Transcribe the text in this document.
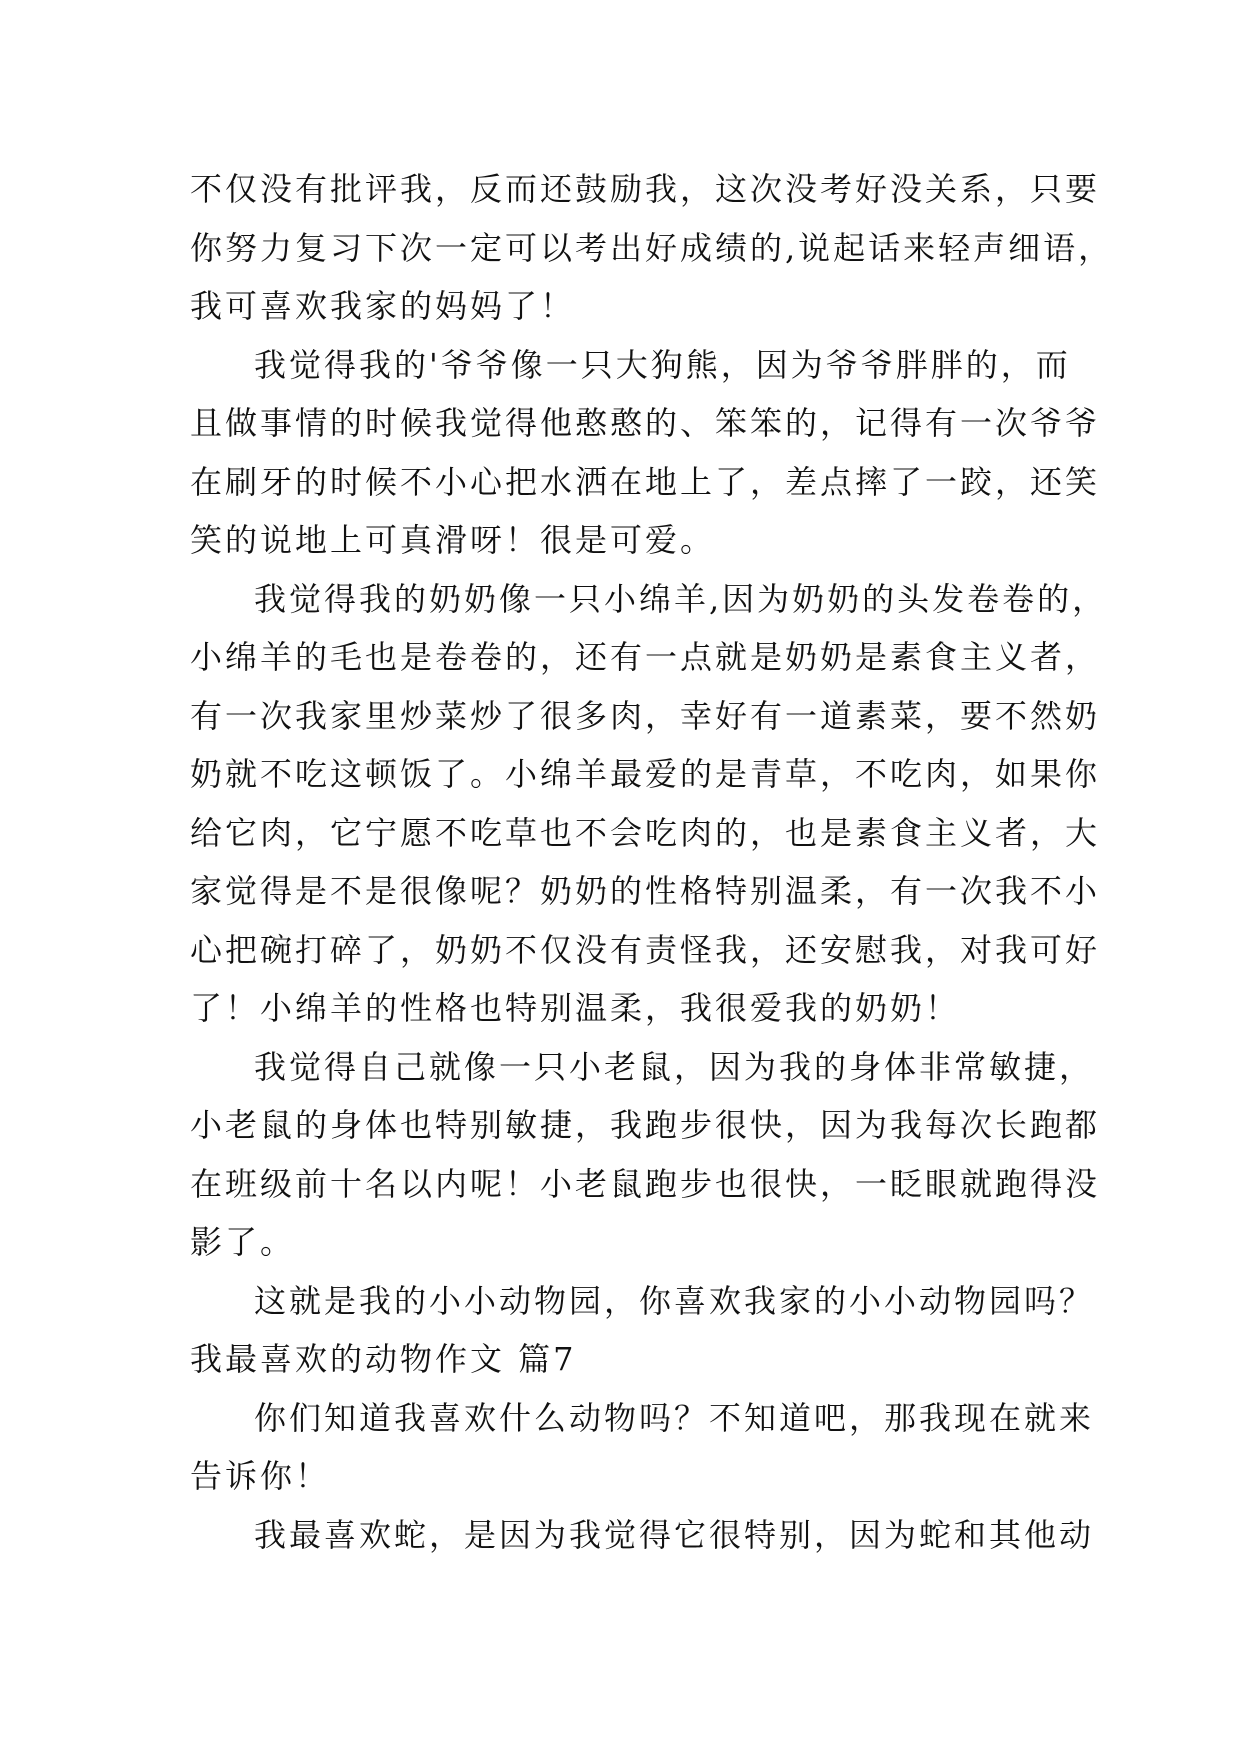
不仅没有批评我，反而还鼓励我，这次没考好没关系，只要
你努力复习下次一定可以考出好成绩的,说起话来轻声细语，
我可喜欢我家的妈妈了！
我觉得我的'爷爷像一只大狗熊，因为爷爷胖胖的，而
且做事情的时候我觉得他憨憨的、笨笨的，记得有一次爷爷
在刷牙的时候不小心把水洒在地上了，差点摔了一跤，还笑
笑的说地上可真滑呀！很是可爱。
我觉得我的奶奶像一只小绵羊,因为奶奶的头发卷卷的，
小绵羊的毛也是卷卷的，还有一点就是奶奶是素食主义者，
有一次我家里炒菜炒了很多肉，幸好有一道素菜，要不然奶
奶就不吃这顿饭了。小绵羊最爱的是青草，不吃肉，如果你
给它肉，它宁愿不吃草也不会吃肉的，也是素食主义者，大
家觉得是不是很像呢？奶奶的性格特别温柔，有一次我不小
心把碗打碎了，奶奶不仅没有责怪我，还安慰我，对我可好
了！小绵羊的性格也特别温柔，我很爱我的奶奶！
我觉得自己就像一只小老鼠，因为我的身体非常敏捷，
小老鼠的身体也特别敏捷，我跑步很快，因为我每次长跑都
在班级前十名以内呢！小老鼠跑步也很快，一眨眼就跑得没
影了。
这就是我的小小动物园，你喜欢我家的小小动物园吗？
我最喜欢的动物作文 篇7
你们知道我喜欢什么动物吗？不知道吧，那我现在就来
告诉你！
我最喜欢蛇，是因为我觉得它很特别，因为蛇和其他动
